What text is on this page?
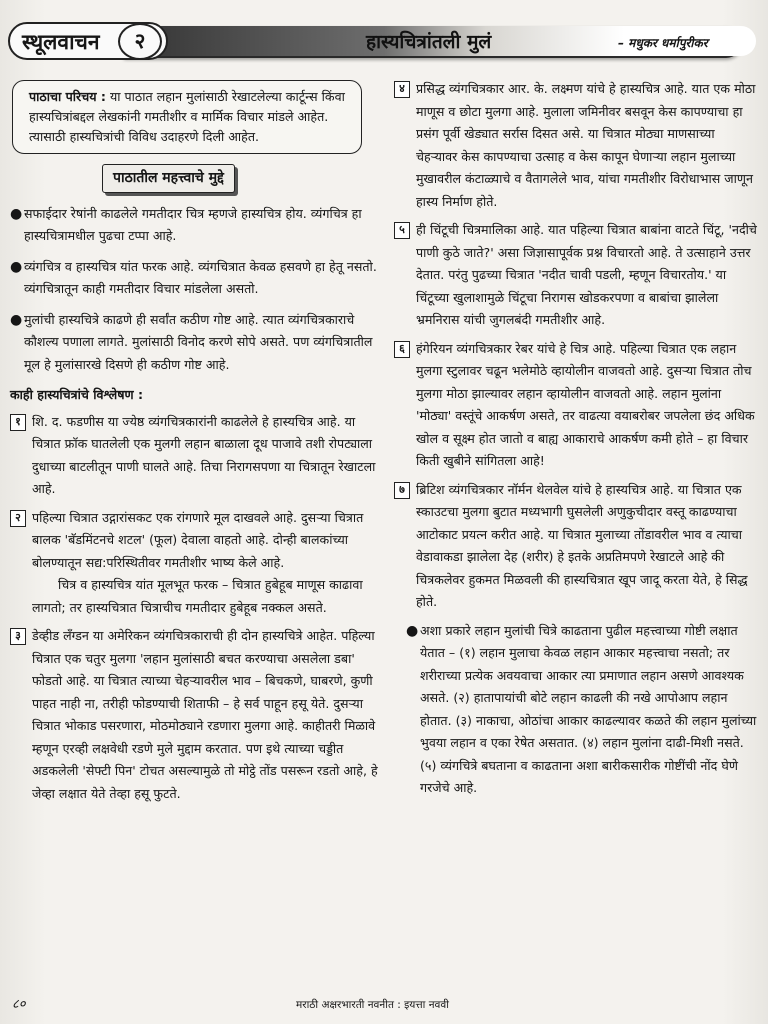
स्थूलवाचन	२	हास्यचित्रांतली मुलं	– मधुकर धर्मापुरीकर
पाठाचा परिचय : या पाठात लहान मुलांसाठी रेखाटलेल्या कार्टून्स किंवा हास्यचित्रांबद्दल लेखकांनी गमतीशीर व मार्मिक विचार मांडले आहेत. त्यासाठी हास्यचित्रांची विविध उदाहरणे दिली आहेत.
पाठातील महत्त्वाचे मुद्दे
● सफाईदार रेषांनी काढलेले गमतीदार चित्र म्हणजे हास्यचित्र होय. व्यंगचित्र हा हास्यचित्रामधील पुढचा टप्पा आहे.
● व्यंगचित्र व हास्यचित्र यांत फरक आहे. व्यंगचित्रात केवळ हसवणे हा हेतू नसतो. व्यंगचित्रातून काही गमतीदार विचार मांडलेला असतो.
● मुलांची हास्यचित्रे काढणे ही सर्वांत कठीण गोष्ट आहे. त्यात व्यंगचित्रकाराचे कौशल्य पणाला लागते. मुलांसाठी विनोद करणे सोपे असते. पण व्यंगचित्रातील मूल हे मुलांसारखे दिसणे ही कठीण गोष्ट आहे.
काही हास्यचित्रांचे विश्लेषण :
१ शि. द. फडणीस या ज्येष्ठ व्यंगचित्रकारांनी काढलेले हे हास्यचित्र आहे. या चित्रात फ्रॉक घातलेली एक मुलगी लहान बाळाला दूध पाजावे तशी रोपट्याला दुधाच्या बाटलीतून पाणी घालते आहे. तिचा निरागसपणा या चित्रातून रेखाटला आहे.

२ पहिल्या चित्रात उद्गारांसकट एक रांगणारे मूल दाखवले आहे. दुसऱ्या चित्रात बालक 'बॅडमिंटनचे शटल' (फूल) देवाला वाहतो आहे. दोन्ही बालकांच्या बोलण्यातून सद्य:परिस्थितीवर गमतीशीर भाष्य केले आहे.

चित्र व हास्यचित्र यांत मूलभूत फरक – चित्रात हुबेहूब माणूस काढावा लागतो; तर हास्यचित्रात चित्राचीच गमतीदार हुबेहूब नक्कल असते.

३ डेव्हीड लँग्डन या अमेरिकन व्यंगचित्रकाराची ही दोन हास्यचित्रे आहेत. पहिल्या चित्रात एक चतुर मुलगा 'लहान मुलांसाठी बचत करण्याचा असलेला डबा' फोडतो आहे. या चित्रात त्याच्या चेहऱ्यावरील भाव – बिचकणे, घाबरणे, कुणी पाहत नाही ना, तरीही फोडण्याची शिताफी – हे सर्व पाहून हसू येते. दुसऱ्या चित्रात भोकाड पसरणारा, मोठमोठ्याने रडणारा मुलगा आहे. काहीतरी मिळावे म्हणून एरव्ही लक्षवेधी रडणे मुले मुद्दाम करतात. पण इथे त्याच्या चड्डीत अडकलेली 'सेफ्टी पिन' टोचत असल्यामुळे तो मोट्ठे तोंड पसरून रडतो आहे, हे जेव्हा लक्षात येते तेव्हा हसू फुटते.

४ प्रसिद्ध व्यंगचित्रकार आर. के. लक्ष्मण यांचे हे हास्यचित्र आहे. यात एक मोठा माणूस व छोटा मुलगा आहे. मुलाला जमिनीवर बसवून केस कापण्याचा हा प्रसंग पूर्वी खेड्यात सर्रास दिसत असे. या चित्रात मोठ्या माणसाच्या चेहऱ्यावर केस कापण्याचा उत्साह व केस कापून घेणाऱ्या लहान मुलाच्या मुखावरील कंटाळ्याचे व वैतागलेले भाव, यांचा गमतीशीर विरोधाभास जाणून हास्य निर्माण होते.

५ ही चिंटूची चित्रमालिका आहे. यात पहिल्या चित्रात बाबांना वाटते चिंटू, 'नदीचे पाणी कुठे जाते?' असा जिज्ञासापूर्वक प्रश्न विचारतो आहे. ते उत्साहाने उत्तर देतात. परंतु पुढच्या चित्रात 'नदीत चावी पडली, म्हणून विचारतोय.' या चिंटूच्या खुलाशामुळे चिंटूचा निरागस खोडकरपणा व बाबांचा झालेला भ्रमनिरास यांची जुगलबंदी गमतीशीर आहे.

६ हंगेरियन व्यंगचित्रकार रेबर यांचे हे चित्र आहे. पहिल्या चित्रात एक लहान मुलगा स्टुलावर चढून भलेमोठे व्हायोलीन वाजवतो आहे. दुसऱ्या चित्रात तोच मुलगा मोठा झाल्यावर लहान व्हायोलीन वाजवतो आहे. लहान मुलांना 'मोठ्या' वस्तूंचे आकर्षण असते, तर वाढत्या वयाबरोबर जपलेला छंद अधिक खोल व सूक्ष्म होत जातो व बाह्य आकाराचे आकर्षण कमी होते – हा विचार किती खुबीने सांगितला आहे!

७ ब्रिटिश व्यंगचित्रकार नॉर्मन थेलवेल यांचे हे हास्यचित्र आहे. या चित्रात एक स्काउटचा मुलगा बुटात मध्यभागी घुसलेली अणुकुचीदार वस्तू काढण्याचा आटोकाट प्रयत्न करीत आहे. या चित्रात मुलाच्या तोंडावरील भाव व त्याचा वेडावाकडा झालेला देह (शरीर) हे इतके अप्रतिमपणे रेखाटले आहे की चित्रकलेवर हुकमत मिळवली की हास्यचित्रात खूप जादू करता येते, हे सिद्ध होते.

● अशा प्रकारे लहान मुलांची चित्रे काढताना पुढील महत्त्वाच्या गोष्टी लक्षात येतात – (१) लहान मुलाचा केवळ लहान आकार महत्त्वाचा नसतो; तर शरीराच्या प्रत्येक अवयवाचा आकार त्या प्रमाणात लहान असणे आवश्यक असते. (२) हातापायांची बोटे लहान काढली की नखे आपोआप लहान होतात. (३) नाकाचा, ओठांचा आकार काढल्यावर कळते की लहान मुलांच्या भुवया लहान व एका रेषेत असतात. (४) लहान मुलांना दाढी-मिशी नसते. (५) व्यंगचित्रे बघताना व काढताना अशा बारीकसारीक गोष्टींची नोंद घेणे गरजेचे आहे.
८०	मराठी अक्षरभारती नवनीत : इयत्ता नववी
